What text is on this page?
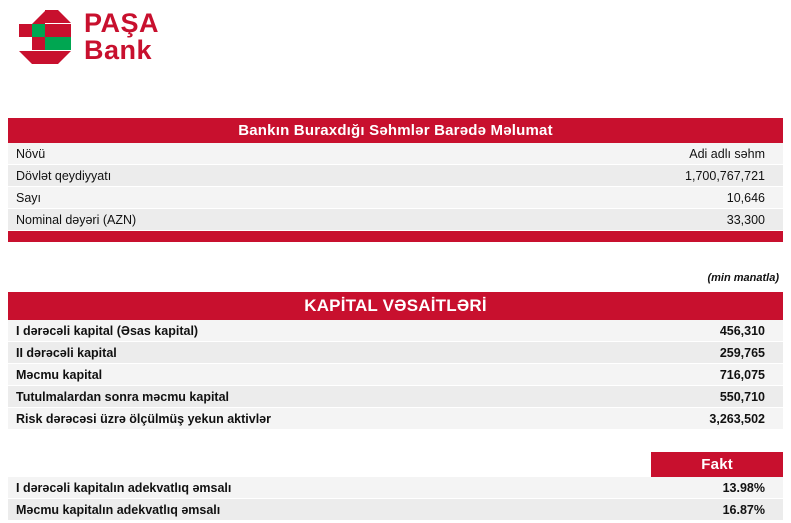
PAŞA
Bank
Bankın Buraxdığı Səhmlər Barədə Məlumat	
Növü	Adi adlı səhm
Dövlət qeydiyyatı	1,700,767,721
Sayı	10,646
Nominal dəyəri (AZN)	33,300
(min manatla)
KAPİTAL VƏSAİTLƏRİ	
I dərəcəli kapital (Əsas kapital)	456,310
II dərəcəli kapital	259,765
Məcmu kapital	716,075
Tutulmalardan sonra məcmu kapital	550,710
Risk dərəcəsi üzrə ölçülmüş yekun aktivlər	3,263,502
	Fakt
I dərəcəli kapitalın adekvatlıq əmsalı	13.98%
Məcmu kapitalın adekvatlıq əmsalı	16.87%
